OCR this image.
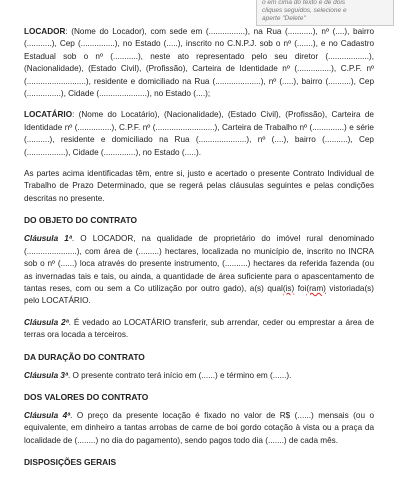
o em cima do texto e de dois
cliques seguidos, selecione e
aperte "Delete"

LOCADOR: (Nome do Locador), com sede em (................), na Rua (...........), nº (....), bairro (...........), Cep (...............), no Estado (.....), inscrito no C.N.P.J. sob o nº (.......), e no Cadastro Estadual sob o nº (...........), neste ato representado pelo seu diretor (..................), (Nacionalidade), (Estado Civil), (Profissão), Carteira de Identidade nº (...............), C.P.F. nº (..........................), residente e domiciliado na Rua (....................), nº (.....), bairro (..........), Cep (...............), Cidade (.....................), no Estado (....);

LOCATÁRIO: (Nome do Locatário), (Nacionalidade), (Estado Civil), (Profissão), Carteira de Identidade nº (...............), C.P.F. nº (..........................), Carteira de Trabalho nº (..............) e série (..........), residente e domiciliado na Rua (.....................), nº (....), bairro (..........), Cep (.................), Cidade (..............), no Estado (.....).

As partes acima identificadas têm, entre si, justo e acertado o presente Contrato Individual de Trabalho de Prazo Determinado, que se regerá pelas cláusulas seguintes e pelas condições descritas no presente.

DO OBJETO DO CONTRATO

Cláusula 1ª. O LOCADOR, na qualidade de proprietário do imóvel rural denominado (......................), com área de (.........) hectares, localizada no município de, inscrito no INCRA sob o nº (......) loca através do presente instrumento, (..........) hectares da referida fazenda (ou as invernadas tais e tais, ou ainda, a quantidade de área suficiente para o apascentamento de tantas reses, com ou sem a Co utilização por outro gado), a(s) qual(is) foi(ram) vistoriada(s) pelo LOCATÁRIO.

Cláusula 2ª. É vedado ao LOCATÁRIO transferir, sub arrendar, ceder ou emprestar a área de terras ora locada a terceiros.

DA DURAÇÃO DO CONTRATO

Cláusula 3ª. O presente contrato terá início em (......) e término em (......).

DOS VALORES DO CONTRATO

Cláusula 4ª. O preço da presente locação é fixado no valor de R$ (......) mensais (ou o equivalente, em dinheiro a tantas arrobas de carne de boi gordo cotação à vista ou a praça da localidade de (........) no dia do pagamento), sendo pagos todo dia (.......) de cada mês.

DISPOSIÇÕES GERAIS
